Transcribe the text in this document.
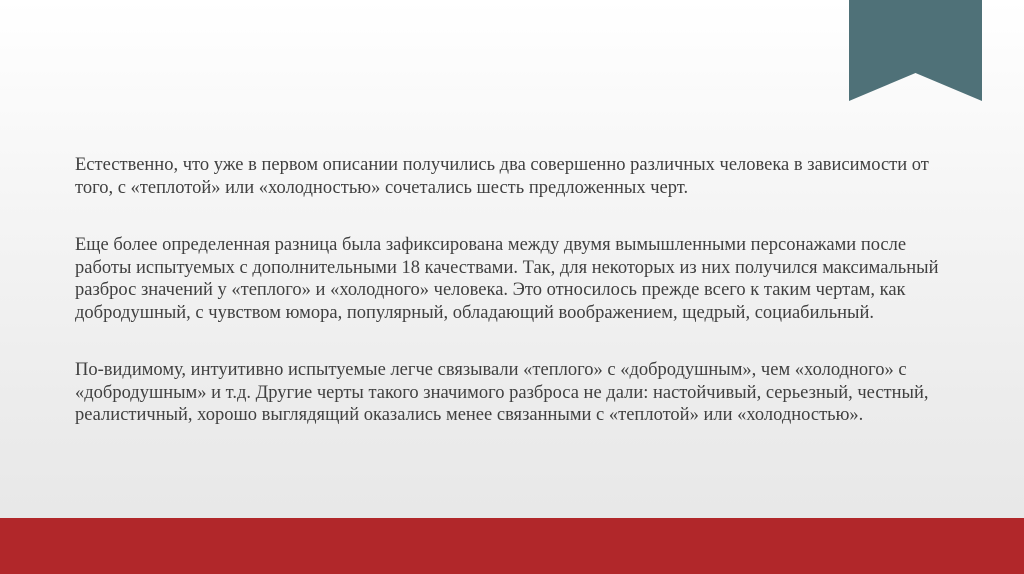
Естественно, что уже в первом описании получились два совершенно различных человека в зависимости от того, с «теплотой» или «холодностью» сочетались шесть предложенных черт.

Еще более определенная разница была зафиксирована между двумя вымышленными персонажами после работы испытуемых с дополнительными 18 качествами. Так, для некоторых из них получился максимальный разброс значений у «теплого» и «холодного» человека. Это относилось прежде всего к таким чертам, как добродушный, с чувством юмора, популярный, обладающий воображением, щедрый, социабильный.

По-видимому, интуитивно испытуемые легче связывали «теплого» с «добродушным», чем «холодного» с «добродушным» и т.д. Другие черты такого значимого разброса не дали: настойчивый, серьезный, честный, реалистичный, хорошо выглядящий оказались менее связанными с «теплотой» или «холодностью».
